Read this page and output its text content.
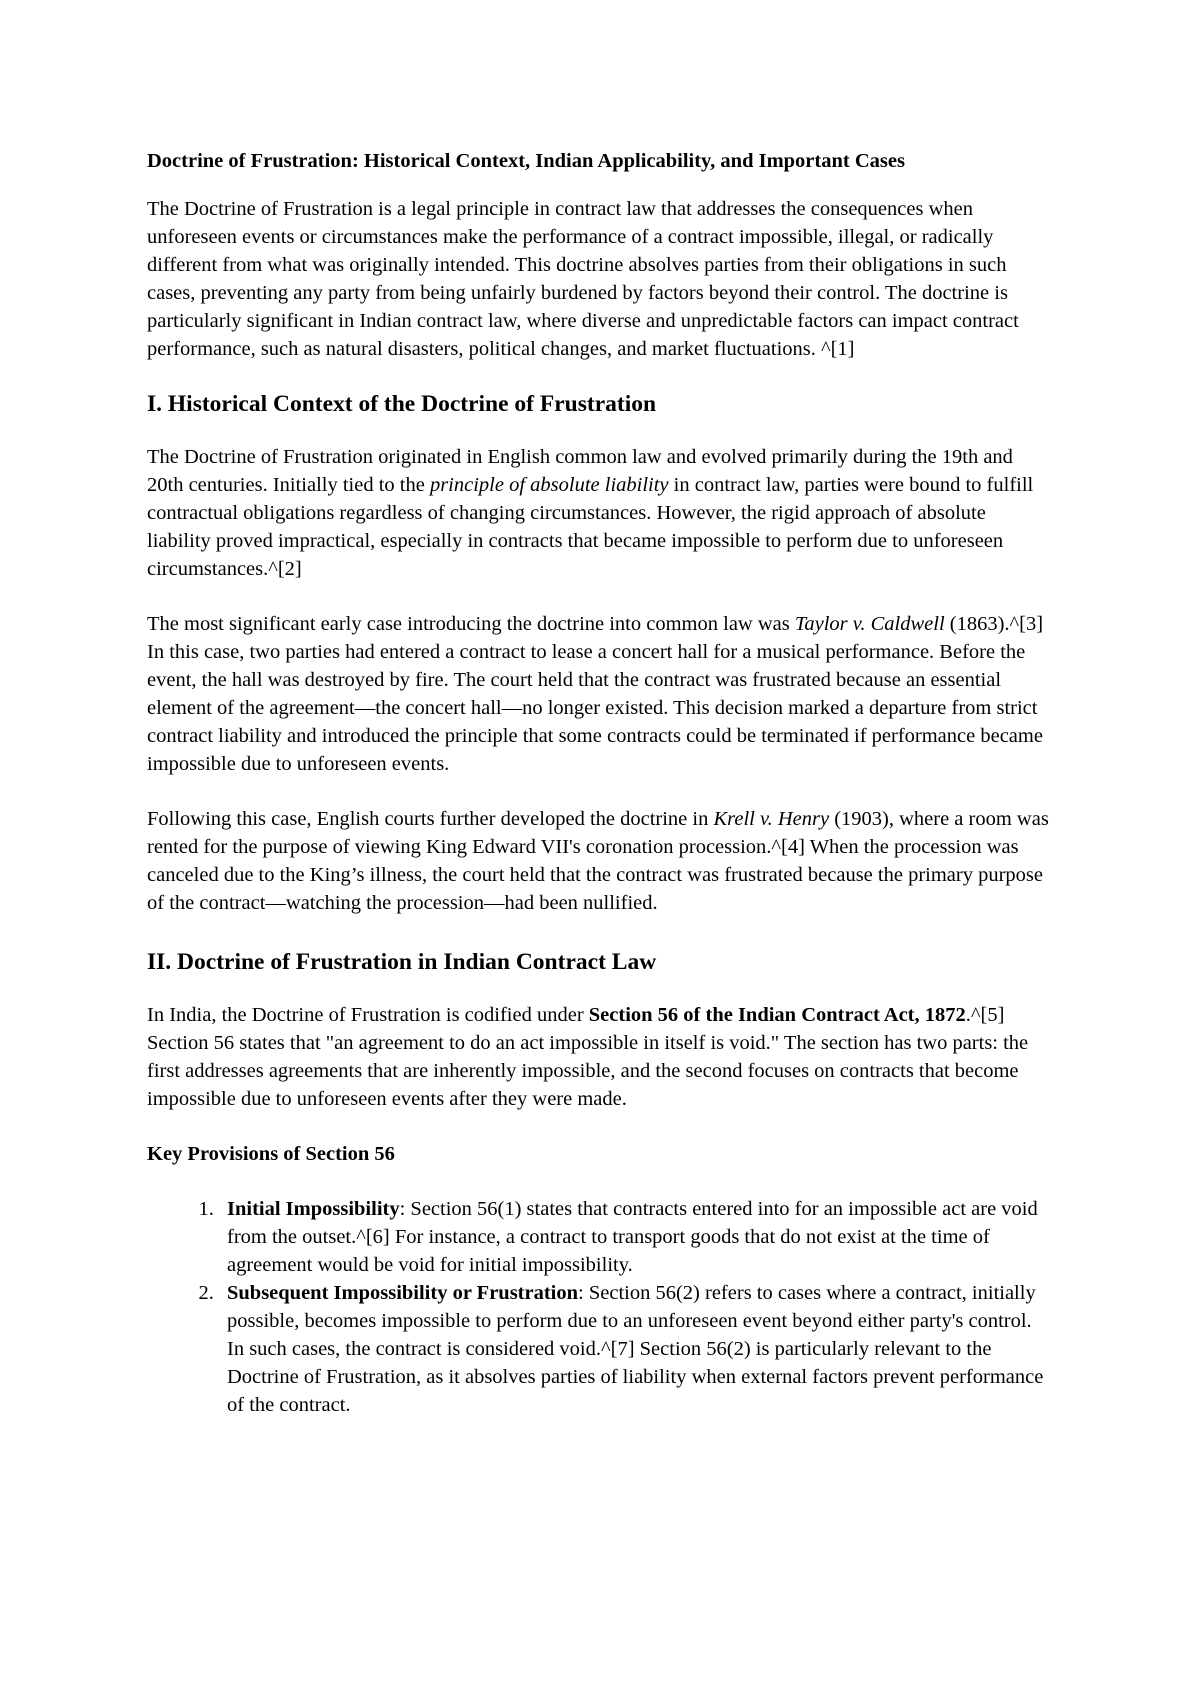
Doctrine of Frustration: Historical Context, Indian Applicability, and Important Cases

The Doctrine of Frustration is a legal principle in contract law that addresses the consequences when unforeseen events or circumstances make the performance of a contract impossible, illegal, or radically different from what was originally intended. This doctrine absolves parties from their obligations in such cases, preventing any party from being unfairly burdened by factors beyond their control. The doctrine is particularly significant in Indian contract law, where diverse and unpredictable factors can impact contract performance, such as natural disasters, political changes, and market fluctuations. ^[1]

I. Historical Context of the Doctrine of Frustration

The Doctrine of Frustration originated in English common law and evolved primarily during the 19th and 20th centuries. Initially tied to the principle of absolute liability in contract law, parties were bound to fulfill contractual obligations regardless of changing circumstances. However, the rigid approach of absolute liability proved impractical, especially in contracts that became impossible to perform due to unforeseen circumstances.^[2]

The most significant early case introducing the doctrine into common law was Taylor v. Caldwell (1863).^[3] In this case, two parties had entered a contract to lease a concert hall for a musical performance. Before the event, the hall was destroyed by fire. The court held that the contract was frustrated because an essential element of the agreement—the concert hall—no longer existed. This decision marked a departure from strict contract liability and introduced the principle that some contracts could be terminated if performance became impossible due to unforeseen events.

Following this case, English courts further developed the doctrine in Krell v. Henry (1903), where a room was rented for the purpose of viewing King Edward VII's coronation procession.^[4] When the procession was canceled due to the King’s illness, the court held that the contract was frustrated because the primary purpose of the contract—watching the procession—had been nullified.

II. Doctrine of Frustration in Indian Contract Law

In India, the Doctrine of Frustration is codified under Section 56 of the Indian Contract Act, 1872.^[5] Section 56 states that "an agreement to do an act impossible in itself is void." The section has two parts: the first addresses agreements that are inherently impossible, and the second focuses on contracts that become impossible due to unforeseen events after they were made.

Key Provisions of Section 56

1. Initial Impossibility: Section 56(1) states that contracts entered into for an impossible act are void from the outset.^[6] For instance, a contract to transport goods that do not exist at the time of agreement would be void for initial impossibility.
2. Subsequent Impossibility or Frustration: Section 56(2) refers to cases where a contract, initially possible, becomes impossible to perform due to an unforeseen event beyond either party's control. In such cases, the contract is considered void.^[7] Section 56(2) is particularly relevant to the Doctrine of Frustration, as it absolves parties of liability when external factors prevent performance of the contract.
